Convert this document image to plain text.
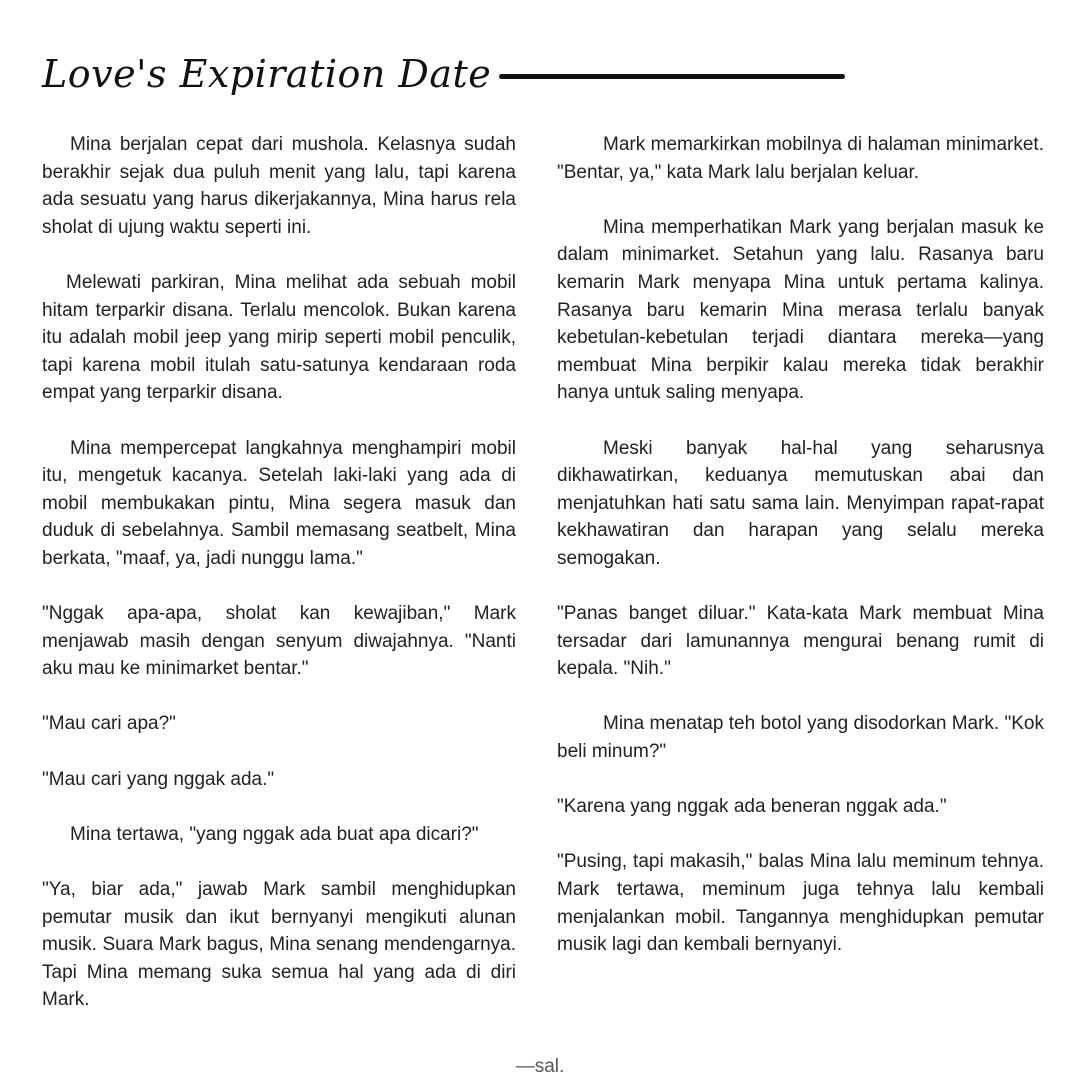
Love's Expiration Date

Mina berjalan cepat dari mushola. Kelasnya sudah berakhir sejak dua puluh menit yang lalu, tapi karena ada sesuatu yang harus dikerjakannya, Mina harus rela sholat di ujung waktu seperti ini.

Melewati parkiran, Mina melihat ada sebuah mobil hitam terparkir disana. Terlalu mencolok. Bukan karena itu adalah mobil jeep yang mirip seperti mobil penculik, tapi karena mobil itulah satu-satunya kendaraan roda empat yang terparkir disana.

Mina mempercepat langkahnya menghampiri mobil itu, mengetuk kacanya. Setelah laki-laki yang ada di mobil membukakan pintu, Mina segera masuk dan duduk di sebelahnya. Sambil memasang seatbelt, Mina berkata, "maaf, ya, jadi nunggu lama."

"Nggak apa-apa, sholat kan kewajiban," Mark menjawab masih dengan senyum diwajahnya. "Nanti aku mau ke minimarket bentar."

"Mau cari apa?"

"Mau cari yang nggak ada."

Mina tertawa, "yang nggak ada buat apa dicari?"

"Ya, biar ada," jawab Mark sambil menghidupkan pemutar musik dan ikut bernyanyi mengikuti alunan musik. Suara Mark bagus, Mina senang mendengarnya. Tapi Mina memang suka semua hal yang ada di diri Mark.

Mark memarkirkan mobilnya di halaman minimarket. "Bentar, ya," kata Mark lalu berjalan keluar.

Mina memperhatikan Mark yang berjalan masuk ke dalam minimarket. Setahun yang lalu. Rasanya baru kemarin Mark menyapa Mina untuk pertama kalinya. Rasanya baru kemarin Mina merasa terlalu banyak kebetulan-kebetulan terjadi diantara mereka—yang membuat Mina berpikir kalau mereka tidak berakhir hanya untuk saling menyapa.

Meski banyak hal-hal yang seharusnya dikhawatirkan, keduanya memutuskan abai dan menjatuhkan hati satu sama lain. Menyimpan rapat-rapat kekhawatiran dan harapan yang selalu mereka semogakan.

"Panas banget diluar." Kata-kata Mark membuat Mina tersadar dari lamunannya mengurai benang rumit di kepala. "Nih."

Mina menatap teh botol yang disodorkan Mark. "Kok beli minum?"

"Karena yang nggak ada beneran nggak ada."

"Pusing, tapi makasih," balas Mina lalu meminum tehnya. Mark tertawa, meminum juga tehnya lalu kembali menjalankan mobil. Tangannya menghidupkan pemutar musik lagi dan kembali bernyanyi.

—sal.
